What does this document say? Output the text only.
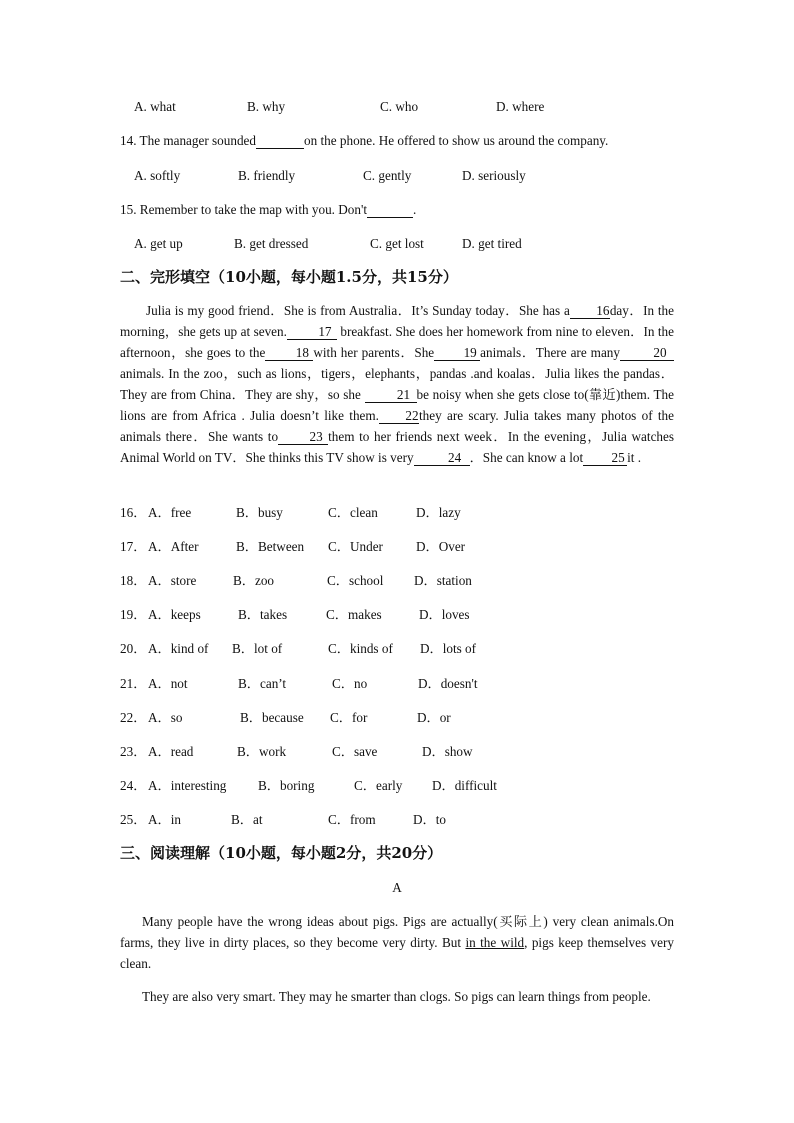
A. what	B. why	C. who	D. where
14. The manager sounded	on the phone. He offered to show us around the company.
A. softly	B. friendly	C. gently	D. seriously
15. Remember to take the map with you. Don't	.
A. get up	B. get dressed	C. get lost	D. get tired
二、完形填空（10小题，每小题1.5分，共15分）

Julia is my good friend．She is from Australia．It’s Sunday today．She has a 16day．In the morning，she gets up at seven. 17 breakfast. She does her homework from nine to eleven．In the afternoon，she goes to the 18 with her parents．She 19 animals．There are many	20animals. In the zoo，such as lions，tigers，elephants，pandas .and koalas．Julia likes the pandas．They are from China．They are shy，so she	21 be noisy when she gets close to(靠近)them. The lions are from Africa . Julia doesn’t like them. 22they are scary. Julia takes many photos of the animals there．She wants to 23 them to her friends next week．In the evening，Julia watches Animal World on TV．She thinks this TV show is very	24 ．She can know a lot 25 it .

16． A．free	B．busy	C．clean	D．lazy
17． A．After	B．Between C．Under	D．Over
18． A．store	B．zoo	C．school D．station
19． A．keeps	B．takes	C．makes	D．loves
20． A．kind of B．lot of	C．kinds of D．lots of
21． A．not	B．can’t	C．no	D．doesn't
22． A．so	B．because C．for	D．or
23． A．read	B．work	C．save	D．show
24． A．interesting B．boring	C．early D．difficult
25． A．in	B．at	C．from	D．to
三、阅读理解（10小题，每小题2分，共20分）
A

Many people have the wrong ideas about pigs. Pigs are actually(买际上) very clean animals.On farms, they live in dirty places, so they become very dirty. But in the wild, pigs keep themselves very clean.

They are also very smart. They may he smarter than clogs. So pigs can learn things from people.
